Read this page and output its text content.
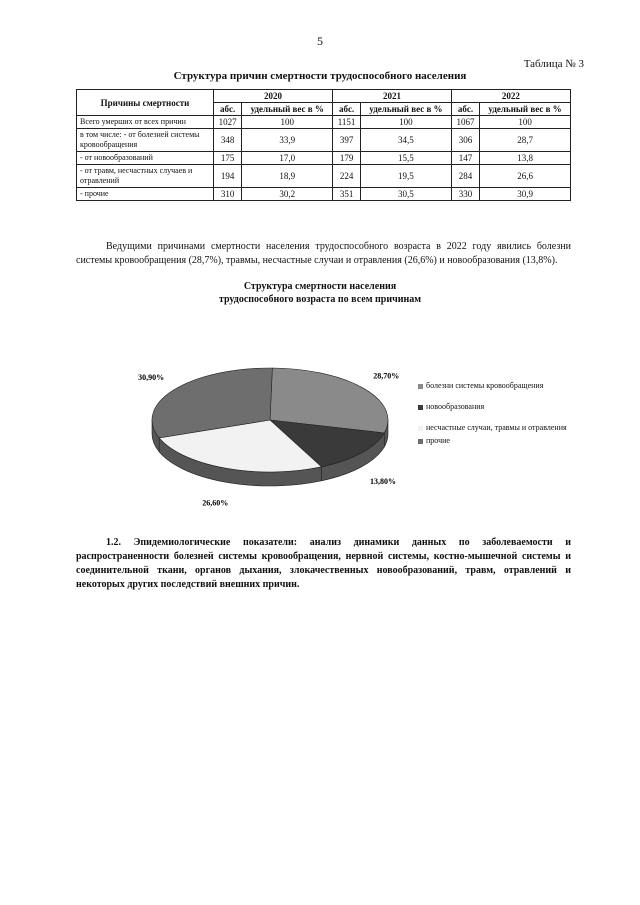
5
Таблица № 3
Структура причин смертности трудоспособного населения
Причины смертности	2020		2021		2022	
	абс.	удельный вес в %	абс.	удельный вес в %	абс.	удельный вес в %
Всего умерших от всех причин	1027	100	1151	100	1067	100
в том числе: - от болезней системы кровообращения	348	33,9	397	34,5	306	28,7
- от новообразований	175	17,0	179	15,5	147	13,8
- от травм, несчастных случаев и отравлений	194	18,9	224	19,5	284	26,6
- прочие	310	30,2	351	30,5	330	30,9
Ведущими причинами смертности населения трудоспособного возраста в 2022 году явились болезни системы кровообращения (28,7%), травмы, несчастные случаи и отравления (26,6%) и новообразования (13,8%).
Структура смертности населения
трудоспособного возраста по всем причинам
28,70%
13,80%
26,60%
30,90%
болезни системы кровообращения
новообразования
несчастные случаи, травмы и отравления
прочие
1.2. Эпидемиологические показатели: анализ динамики данных по заболеваемости и распространенности болезней системы кровообращения, нервной системы, костно-мышечной системы и соединительной ткани, органов дыхания, злокачественных новообразований, травм, отравлений и некоторых других последствий внешних причин.
